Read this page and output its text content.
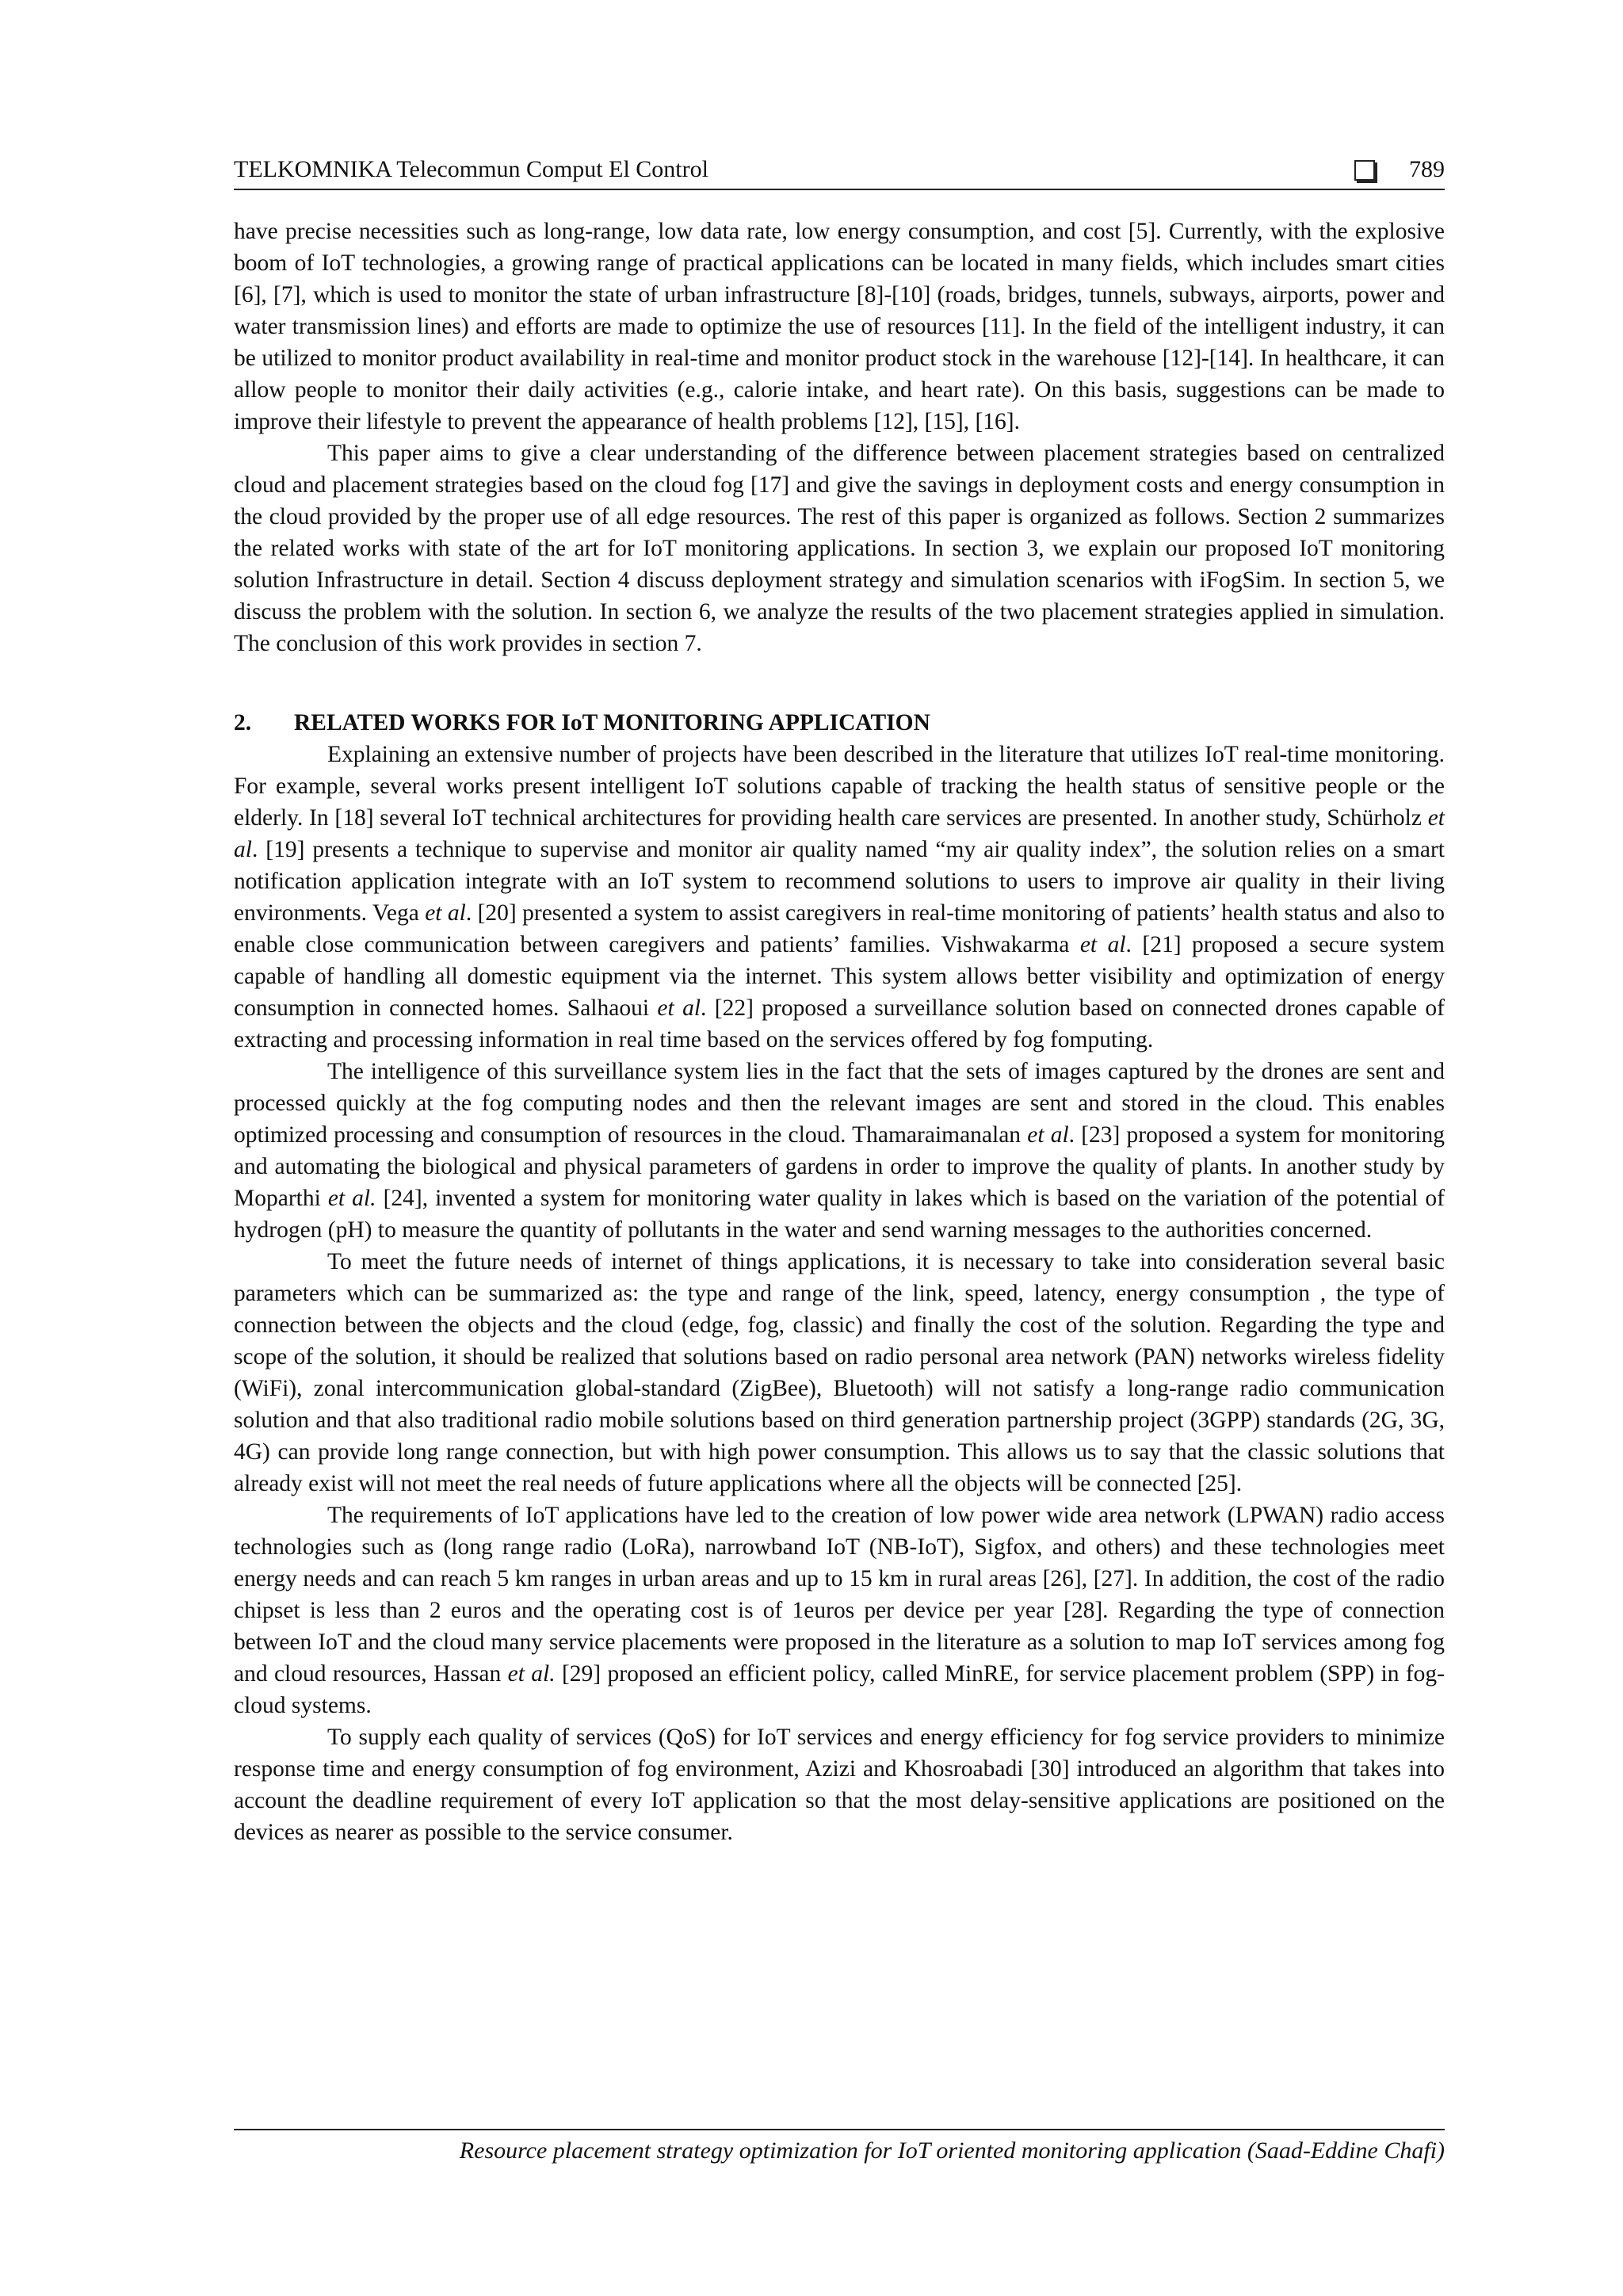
TELKOMNIKA Telecommun Comput El Control	789

have precise necessities such as long-range, low data rate, low energy consumption, and cost [5]. Currently, with the explosive boom of IoT technologies, a growing range of practical applications can be located in many fields, which includes smart cities [6], [7], which is used to monitor the state of urban infrastructure [8]-[10] (roads, bridges, tunnels, subways, airports, power and water transmission lines) and efforts are made to optimize the use of resources [11]. In the field of the intelligent industry, it can be utilized to monitor product availability in real-time and monitor product stock in the warehouse [12]-[14]. In healthcare, it can allow people to monitor their daily activities (e.g., calorie intake, and heart rate). On this basis, suggestions can be made to improve their lifestyle to prevent the appearance of health problems [12], [15], [16].

This paper aims to give a clear understanding of the difference between placement strategies based on centralized cloud and placement strategies based on the cloud fog [17] and give the savings in deployment costs and energy consumption in the cloud provided by the proper use of all edge resources. The rest of this paper is organized as follows. Section 2 summarizes the related works with state of the art for IoT monitoring applications. In section 3, we explain our proposed IoT monitoring solution Infrastructure in detail. Section 4 discuss deployment strategy and simulation scenarios with iFogSim. In section 5, we discuss the problem with the solution. In section 6, we analyze the results of the two placement strategies applied in simulation. The conclusion of this work provides in section 7.

2. RELATED WORKS FOR IoT MONITORING APPLICATION

Explaining an extensive number of projects have been described in the literature that utilizes IoT real-time monitoring. For example, several works present intelligent IoT solutions capable of tracking the health status of sensitive people or the elderly. In [18] several IoT technical architectures for providing health care services are presented. In another study, Schürholz et al. [19] presents a technique to supervise and monitor air quality named “my air quality index”, the solution relies on a smart notification application integrate with an IoT system to recommend solutions to users to improve air quality in their living environments. Vega et al. [20] presented a system to assist caregivers in real-time monitoring of patients’ health status and also to enable close communication between caregivers and patients’ families. Vishwakarma et al. [21] proposed a secure system capable of handling all domestic equipment via the internet. This system allows better visibility and optimization of energy consumption in connected homes. Salhaoui et al. [22] proposed a surveillance solution based on connected drones capable of extracting and processing information in real time based on the services offered by fog fomputing.

The intelligence of this surveillance system lies in the fact that the sets of images captured by the drones are sent and processed quickly at the fog computing nodes and then the relevant images are sent and stored in the cloud. This enables optimized processing and consumption of resources in the cloud. Thamaraimanalan et al. [23] proposed a system for monitoring and automating the biological and physical parameters of gardens in order to improve the quality of plants. In another study by Moparthi et al. [24], invented a system for monitoring water quality in lakes which is based on the variation of the potential of hydrogen (pH) to measure the quantity of pollutants in the water and send warning messages to the authorities concerned.

To meet the future needs of internet of things applications, it is necessary to take into consideration several basic parameters which can be summarized as: the type and range of the link, speed, latency, energy consumption , the type of connection between the objects and the cloud (edge, fog, classic) and finally the cost of the solution. Regarding the type and scope of the solution, it should be realized that solutions based on radio personal area network (PAN) networks wireless fidelity (WiFi), zonal intercommunication global-standard (ZigBee), Bluetooth) will not satisfy a long-range radio communication solution and that also traditional radio mobile solutions based on third generation partnership project (3GPP) standards (2G, 3G, 4G) can provide long range connection, but with high power consumption. This allows us to say that the classic solutions that already exist will not meet the real needs of future applications where all the objects will be connected [25].

The requirements of IoT applications have led to the creation of low power wide area network (LPWAN) radio access technologies such as (long range radio (LoRa), narrowband IoT (NB-IoT), Sigfox, and others) and these technologies meet energy needs and can reach 5 km ranges in urban areas and up to 15 km in rural areas [26], [27]. In addition, the cost of the radio chipset is less than 2 euros and the operating cost is of 1euros per device per year [28]. Regarding the type of connection between IoT and the cloud many service placements were proposed in the literature as a solution to map IoT services among fog and cloud resources, Hassan et al. [29] proposed an efficient policy, called MinRE, for service placement problem (SPP) in fog-cloud systems.

To supply each quality of services (QoS) for IoT services and energy efficiency for fog service providers to minimize response time and energy consumption of fog environment, Azizi and Khosroabadi [30] introduced an algorithm that takes into account the deadline requirement of every IoT application so that the most delay-sensitive applications are positioned on the devices as nearer as possible to the service consumer.

Resource placement strategy optimization for IoT oriented monitoring application (Saad-Eddine Chafi)
